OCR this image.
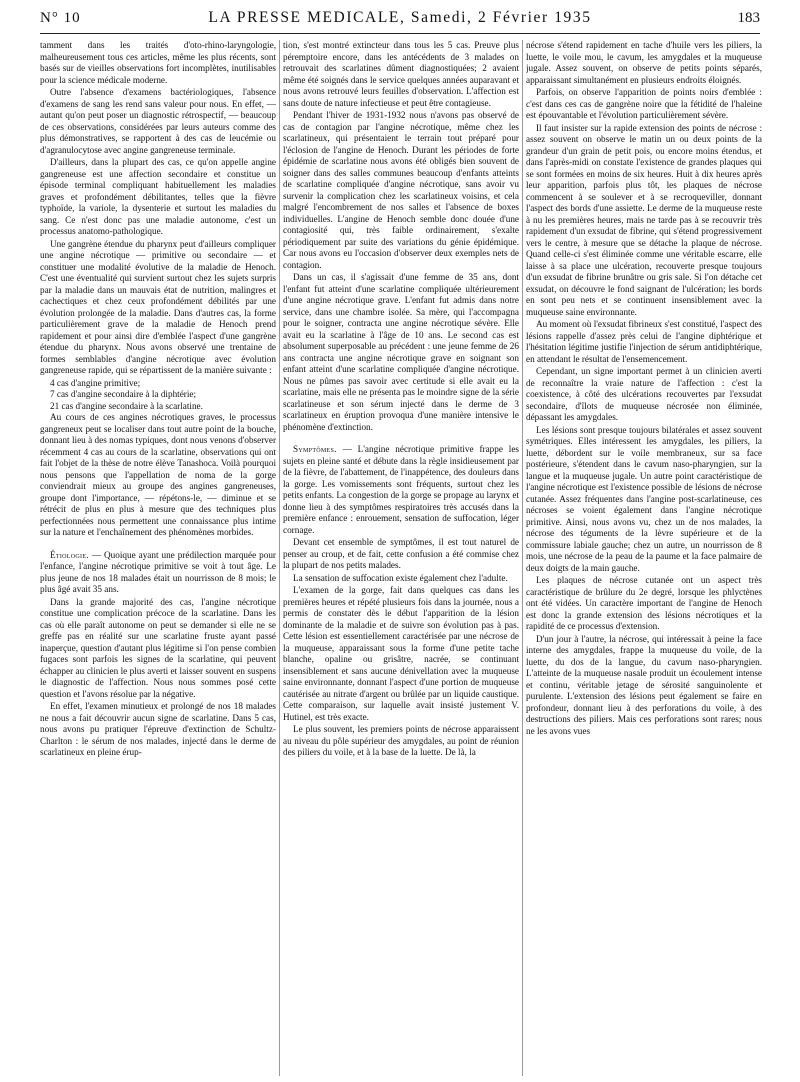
N° 10	LA PRESSE MEDICALE, Samedi, 2 Février 1935	183

tamment dans les traités d'oto-rhino-laryngologie, malheureusement tous ces articles, même les plus récents, sont basés sur de vieilles observations fort incomplètes, inutilisables pour la science médicale moderne.

Outre l'absence d'examens bactériologiques, l'absence d'examens de sang les rend sans valeur pour nous. En effet, — autant qu'on peut poser un diagnostic rétrospectif, — beaucoup de ces observations, considérées par leurs auteurs comme des plus démonstratives, se rapportent à des cas de leucémie ou d'agranulocytose avec angine gangreneuse terminale.

D'ailleurs, dans la plupart des cas, ce qu'on appelle angine gangreneuse est une affection secondaire et constitue un épisode terminal compliquant habituellement les maladies graves et profondément débilitantes, telles que la fièvre typhoïde, la variole, la dysenterie et surtout les maladies du sang. Ce n'est donc pas une maladie autonome, c'est un processus anatomo-pathologique.

Une gangrène étendue du pharynx peut d'ailleurs compliquer une angine nécrotique — primitive ou secondaire — et constituer une modalité évolutive de la maladie de Henoch. C'est une éventualité qui survient surtout chez les sujets surpris par la maladie dans un mauvais état de nutrition, malingres et cachectiques et chez ceux profondément débilités par une évolution prolongée de la maladie. Dans d'autres cas, la forme particulièrement grave de la maladie de Henoch prend rapidement et pour ainsi dire d'emblée l'aspect d'une gangrène étendue du pharynx. Nous avons observé une trentaine de formes semblables d'angine nécrotique avec évolution gangreneuse rapide, qui se répartissent de la manière suivante :

4 cas d'angine primitive;

7 cas d'angine secondaire à la diphtérie;

21 cas d'angine secondaire à la scarlatine.

Au cours de ces angines nécrotiques graves, le processus gangreneux peut se localiser dans tout autre point de la bouche, donnant lieu à des nomas typiques, dont nous venons d'observer récemment 4 cas au cours de la scarlatine, observations qui ont fait l'objet de la thèse de notre élève Tanashoca. Voilà pourquoi nous pensons que l'appellation de noma de la gorge conviendrait mieux au groupe des angines gangreneuses, groupe dont l'importance, — répétons-le, — diminue et se rétrécit de plus en plus à mesure que des techniques plus perfectionnées nous permettent une connaissance plus intime sur la nature et l'enchaînement des phénomènes morbides.

Étiologie. — Quoique ayant une prédilection marquée pour l'enfance, l'angine nécrotique primitive se voit à tout âge. Le plus jeune de nos 18 malades était un nourrisson de 8 mois; le plus âgé avait 35 ans.

Dans la grande majorité des cas, l'angine nécrotique constitue une complication précoce de la scarlatine. Dans les cas où elle paraît autonome on peut se demander si elle ne se greffe pas en réalité sur une scarlatine fruste ayant passé inaperçue, question d'autant plus légitime si l'on pense combien fugaces sont parfois les signes de la scarlatine, qui peuvent échapper au clinicien le plus averti et laisser souvent en suspens le diagnostic de l'affection. Nous nous sommes posé cette question et l'avons résolue par la négative.

En effet, l'examen minutieux et prolongé de nos 18 malades ne nous a fait découvrir aucun signe de scarlatine. Dans 5 cas, nous avons pu pratiquer l'épreuve d'extinction de Schultz-Charlton : le sérum de nos malades, injecté dans le derme de scarlatineux en pleine érup-

tion, s'est montré extincteur dans tous les 5 cas. Preuve plus péremptoire encore, dans les antécédents de 3 malades on retrouvait des scarlatines dûment diagnostiquées; 2 avaient même été soignés dans le service quelques années auparavant et nous avons retrouvé leurs feuilles d'observation. L'affection est sans doute de nature infectieuse et peut être contagieuse.

Pendant l'hiver de 1931-1932 nous n'avons pas observé de cas de contagion par l'angine nécrotique, même chez les scarlatineux, qui présentaient le terrain tout préparé pour l'éclosion de l'angine de Henoch. Durant les périodes de forte épidémie de scarlatine nous avons été obligés bien souvent de soigner dans des salles communes beaucoup d'enfants atteints de scarlatine compliquée d'angine nécrotique, sans avoir vu survenir la complication chez les scarlatineux voisins, et cela malgré l'encombrement de nos salles et l'absence de boxes individuelles. L'angine de Henoch semble donc douée d'une contagiosité qui, très faible ordinairement, s'exalte périodiquement par suite des variations du génie épidémique. Car nous avons eu l'occasion d'observer deux exemples nets de contagion.

Dans un cas, il s'agissait d'une femme de 35 ans, dont l'enfant fut atteint d'une scarlatine compliquée ultérieurement d'une angine nécrotique grave. L'enfant fut admis dans notre service, dans une chambre isolée. Sa mère, qui l'accompagna pour le soigner, contracta une angine nécrotique sévère. Elle avait eu la scarlatine à l'âge de 10 ans. Le second cas est absolument superposable au précédent : une jeune femme de 26 ans contracta une angine nécrotique grave en soignant son enfant atteint d'une scarlatine compliquée d'angine nécrotique. Nous ne pûmes pas savoir avec certitude si elle avait eu la scarlatine, mais elle ne présenta pas le moindre signe de la série scarlatineuse et son sérum injecté dans le derme de 3 scarlatineux en éruption provoqua d'une manière intensive le phénomène d'extinction.

Symptômes. — L'angine nécrotique primitive frappe les sujets en pleine santé et débute dans la règle insidieusement par de la fièvre, de l'abattement, de l'inappétence, des douleurs dans la gorge. Les vomissements sont fréquents, surtout chez les petits enfants. La congestion de la gorge se propage au larynx et donne lieu à des symptômes respiratoires très accusés dans la première enfance : enrouement, sensation de suffocation, léger cornage.

Devant cet ensemble de symptômes, il est tout naturel de penser au croup, et de fait, cette confusion a été commise chez la plupart de nos petits malades.

La sensation de suffocation existe également chez l'adulte.

L'examen de la gorge, fait dans quelques cas dans les premières heures et répété plusieurs fois dans la journée, nous a permis de constater dès le début l'apparition de la lésion dominante de la maladie et de suivre son évolution pas à pas. Cette lésion est essentiellement caractérisée par une nécrose de la muqueuse, apparaissant sous la forme d'une petite tache blanche, opaline ou grisâtre, nacrée, se continuant insensiblement et sans aucune dénivellation avec la muqueuse saine environnante, donnant l'aspect d'une portion de muqueuse cautérisée au nitrate d'argent ou brûlée par un liquide caustique. Cette comparaison, sur laquelle avait insisté justement V. Hutinel, est très exacte.

Le plus souvent, les premiers points de nécrose apparaissent au niveau du pôle supérieur des amygdales, au point de réunion des piliers du voile, et à la base de la luette. De là, la

nécrose s'étend rapidement en tache d'huile vers les piliers, la luette, le voile mou, le cavum, les amygdales et la muqueuse jugale. Assez souvent, on observe de petits points séparés, apparaissant simultanément en plusieurs endroits éloignés.

Parfois, on observe l'apparition de points noirs d'emblée : c'est dans ces cas de gangrène noire que la fétidité de l'haleine est épouvantable et l'évolution particulièrement sévère.

Il faut insister sur la rapide extension des points de nécrose : assez souvent on observe le matin un ou deux points de la grandeur d'un grain de petit pois, ou encore moins étendus, et dans l'après-midi on constate l'existence de grandes plaques qui se sont formées en moins de six heures. Huit à dix heures après leur apparition, parfois plus tôt, les plaques de nécrose commencent à se soulever et à se recroqueviller, donnant l'aspect des bords d'une assiette. Le derme de la muqueuse reste à nu les premières heures, mais ne tarde pas à se recouvrir très rapidement d'un exsudat de fibrine, qui s'étend progressivement vers le centre, à mesure que se détache la plaque de nécrose. Quand celle-ci s'est éliminée comme une véritable escarre, elle laisse à sa place une ulcération, recouverte presque toujours d'un exsudat de fibrine brunâtre ou gris sale. Si l'on détache cet exsudat, on découvre le fond saignant de l'ulcération; les bords en sont peu nets et se continuent insensiblement avec la muqueuse saine environnante.

Au moment où l'exsudat fibrineux s'est constitué, l'aspect des lésions rappelle d'assez près celui de l'angine diphtérique et l'hésitation légitime justifie l'injection de sérum antidiphtérique, en attendant le résultat de l'ensemencement.

Cependant, un signe important permet à un clinicien averti de reconnaître la vraie nature de l'affection : c'est la coexistence, à côté des ulcérations recouvertes par l'exsudat secondaire, d'îlots de muqueuse nécrosée non éliminée, dépassant les amygdales.

Les lésions sont presque toujours bilatérales et assez souvent symétriques. Elles intéressent les amygdales, les piliers, la luette, débordent sur le voile membraneux, sur sa face postérieure, s'étendent dans le cavum naso-pharyngien, sur la langue et la muqueuse jugale. Un autre point caractéristique de l'angine nécrotique est l'existence possible de lésions de nécrose cutanée. Assez fréquentes dans l'angine post-scarlatineuse, ces nécroses se voient également dans l'angine nécrotique primitive. Ainsi, nous avons vu, chez un de nos malades, la nécrose des téguments de la lèvre supérieure et de la commissure labiale gauche; chez un autre, un nourrisson de 8 mois, une nécrose de la peau de la paume et la face palmaire de deux doigts de la main gauche.

Les plaques de nécrose cutanée ont un aspect très caractéristique de brûlure du 2e degré, lorsque les phlyctènes ont été vidées. Un caractère important de l'angine de Henoch est donc la grande extension des lésions nécrotiques et la rapidité de ce processus d'extension.

D'un jour à l'autre, la nécrose, qui intéressait à peine la face interne des amygdales, frappe la muqueuse du voile, de la luette, du dos de la langue, du cavum naso-pharyngien. L'atteinte de la muqueuse nasale produit un écoulement intense et continu, véritable jetage de sérosité sanguinolente et purulente. L'extension des lésions peut également se faire en profondeur, donnant lieu à des perforations du voile, à des destructions des piliers. Mais ces perforations sont rares; nous ne les avons vues
